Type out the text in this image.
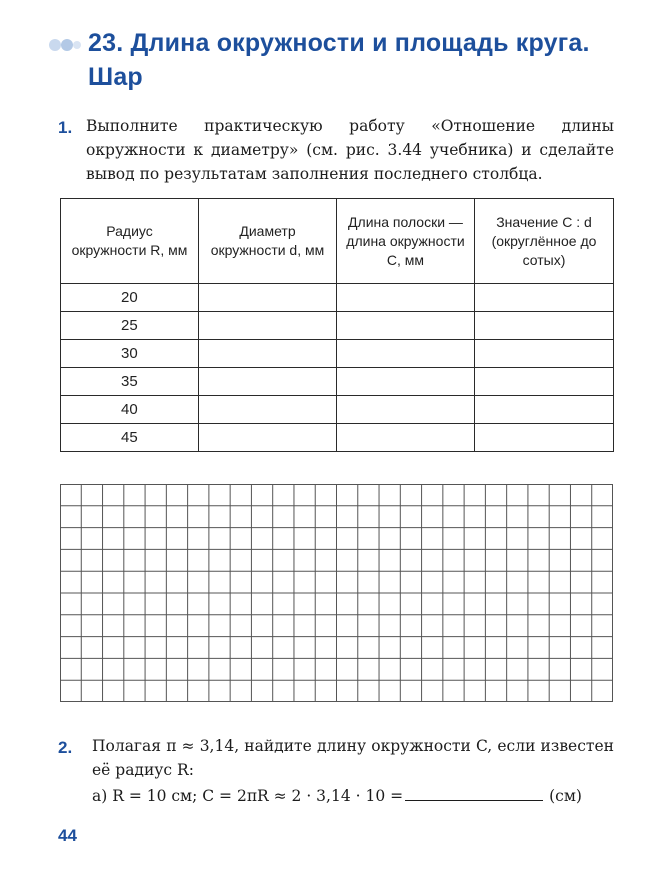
23. Длина окружности и площадь круга. Шар
1. Выполните практическую работу «Отношение длины окружности к диаметру» (см. рис. 3.44 учебника) и сделайте вывод по результатам заполнения последнего столбца.

Радиус окружности R, мм	Диаметр окружности d, мм	Длина полоски — длина окружности C, мм	Значение C : d (округлённое до сотых)
20			
25			
30			
35			
40			
45			
2. Полагая π ≈ 3,14, найдите длину окружности C, если известен её радиус R:

а) R = 10 см; C = 2πR ≈ 2 · 3,14 · 10 =	(см)
44
